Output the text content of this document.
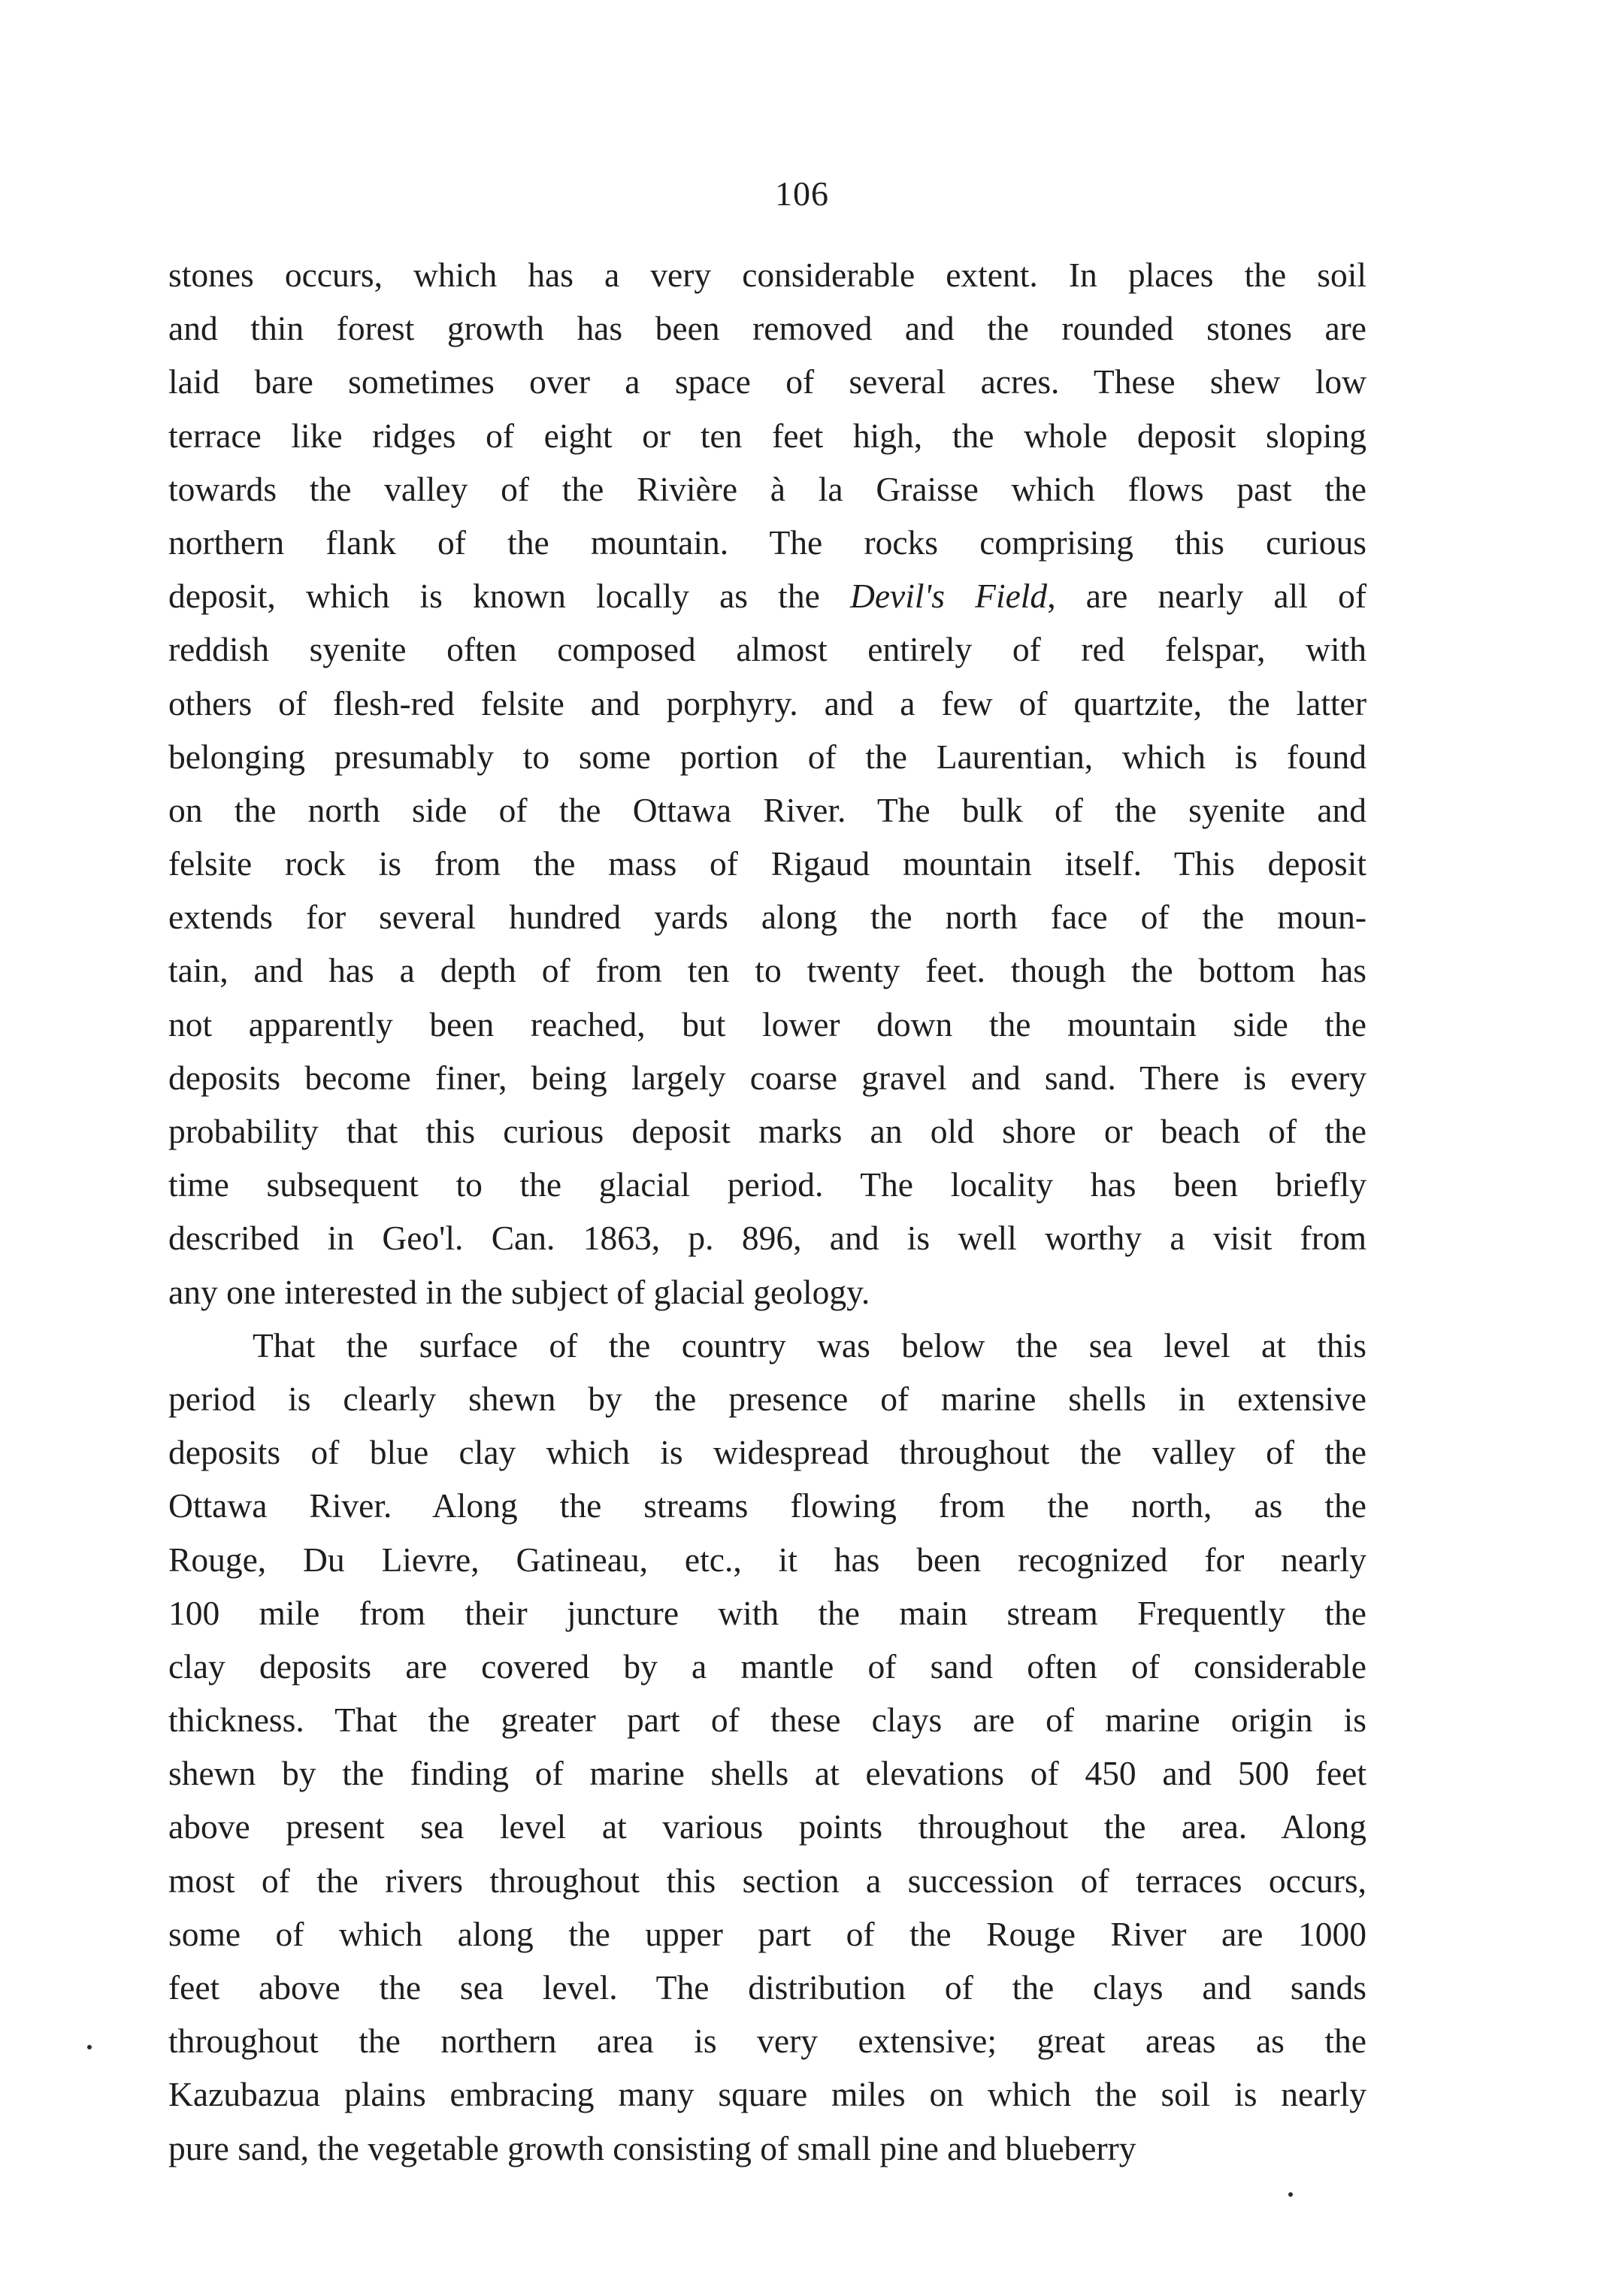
106
stones occurs, which has a very considerable extent. In places the soil
and thin forest growth has been removed and the rounded stones are
laid bare sometimes over a space of several acres. These shew low
terrace like ridges of eight or ten feet high, the whole deposit sloping
towards the valley of the Rivière à la Graisse which flows past the
northern flank of the mountain. The rocks comprising this curious
deposit, which is known locally as the Devil's Field, are nearly all of
reddish syenite often composed almost entirely of red felspar, with
others of flesh-red felsite and porphyry. and a few of quartzite, the latter
belonging presumably to some portion of the Laurentian, which is found
on the north side of the Ottawa River. The bulk of the syenite and
felsite rock is from the mass of Rigaud mountain itself. This deposit
extends for several hundred yards along the north face of the moun-
tain, and has a depth of from ten to twenty feet. though the bottom has
not apparently been reached, but lower down the mountain side the
deposits become finer, being largely coarse gravel and sand. There is every
probability that this curious deposit marks an old shore or beach of the
time subsequent to the glacial period. The locality has been briefly
described in Geo'l. Can. 1863, p. 896, and is well worthy a visit from
any one interested in the subject of glacial geology.
That the surface of the country was below the sea level at this
period is clearly shewn by the presence of marine shells in extensive
deposits of blue clay which is widespread throughout the valley of the
Ottawa River. Along the streams flowing from the north, as the
Rouge, Du Lievre, Gatineau, etc., it has been recognized for nearly
100 mile from their juncture with the main stream Frequently the
clay deposits are covered by a mantle of sand often of considerable
thickness. That the greater part of these clays are of marine origin is
shewn by the finding of marine shells at elevations of 450 and 500 feet
above present sea level at various points throughout the area. Along
most of the rivers throughout this section a succession of terraces occurs,
some of which along the upper part of the Rouge River are 1000
feet above the sea level. The distribution of the clays and sands
throughout the northern area is very extensive; great areas as the
Kazubazua plains embracing many square miles on which the soil is nearly
pure sand, the vegetable growth consisting of small pine and blueberry
